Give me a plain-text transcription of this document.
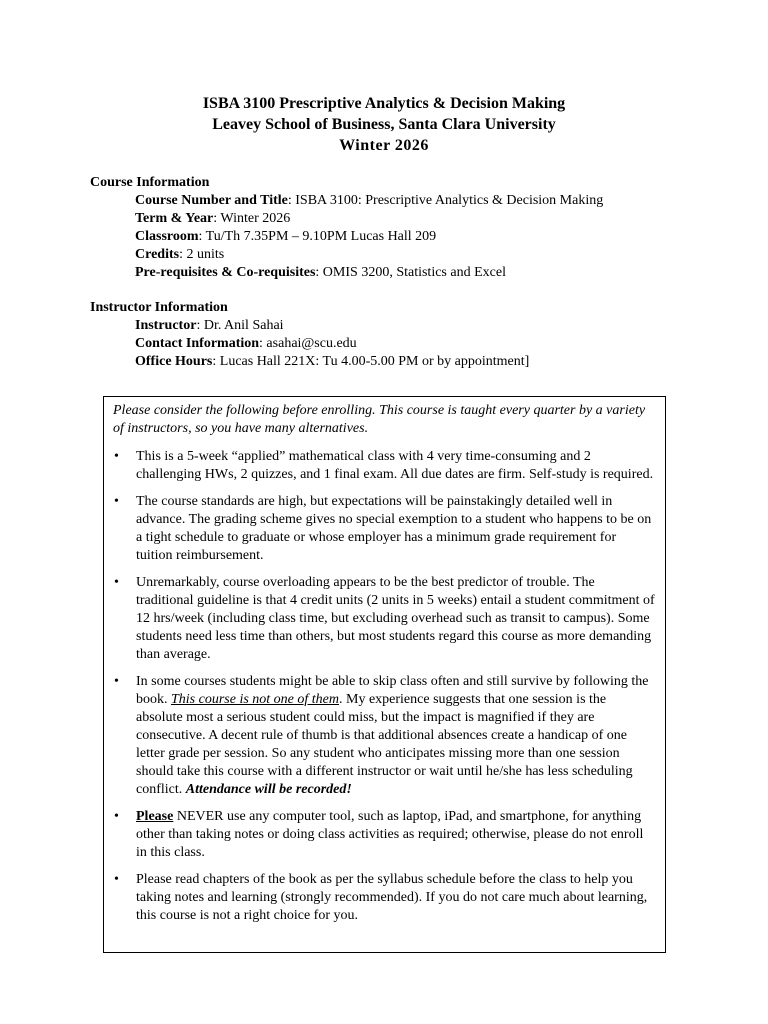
ISBA 3100 Prescriptive Analytics & Decision Making
Leavey School of Business, Santa Clara University
Winter 2026
Course Information
Course Number and Title: ISBA 3100: Prescriptive Analytics & Decision Making
Term & Year: Winter 2026
Classroom: Tu/Th 7.35PM – 9.10PM Lucas Hall 209
Credits: 2 units
Pre-requisites & Co-requisites: OMIS 3200, Statistics and Excel
Instructor Information
Instructor: Dr. Anil Sahai
Contact Information: asahai@scu.edu
Office Hours: Lucas Hall 221X: Tu 4.00-5.00 PM or by appointment]
Please consider the following before enrolling. This course is taught every quarter by a variety of instructors, so you have many alternatives.
• This is a 5-week “applied” mathematical class with 4 very time-consuming and 2 challenging HWs, 2 quizzes, and 1 final exam. All due dates are firm. Self-study is required.
• The course standards are high, but expectations will be painstakingly detailed well in advance. The grading scheme gives no special exemption to a student who happens to be on a tight schedule to graduate or whose employer has a minimum grade requirement for tuition reimbursement.
• Unremarkably, course overloading appears to be the best predictor of trouble. The traditional guideline is that 4 credit units (2 units in 5 weeks) entail a student commitment of 12 hrs/week (including class time, but excluding overhead such as transit to campus). Some students need less time than others, but most students regard this course as more demanding than average.
• In some courses students might be able to skip class often and still survive by following the book. This course is not one of them. My experience suggests that one session is the absolute most a serious student could miss, but the impact is magnified if they are consecutive. A decent rule of thumb is that additional absences create a handicap of one letter grade per session. So any student who anticipates missing more than one session should take this course with a different instructor or wait until he/she has less scheduling conflict. Attendance will be recorded!
• Please NEVER use any computer tool, such as laptop, iPad, and smartphone, for anything other than taking notes or doing class activities as required; otherwise, please do not enroll in this class.
• Please read chapters of the book as per the syllabus schedule before the class to help you taking notes and learning (strongly recommended). If you do not care much about learning, this course is not a right choice for you.
